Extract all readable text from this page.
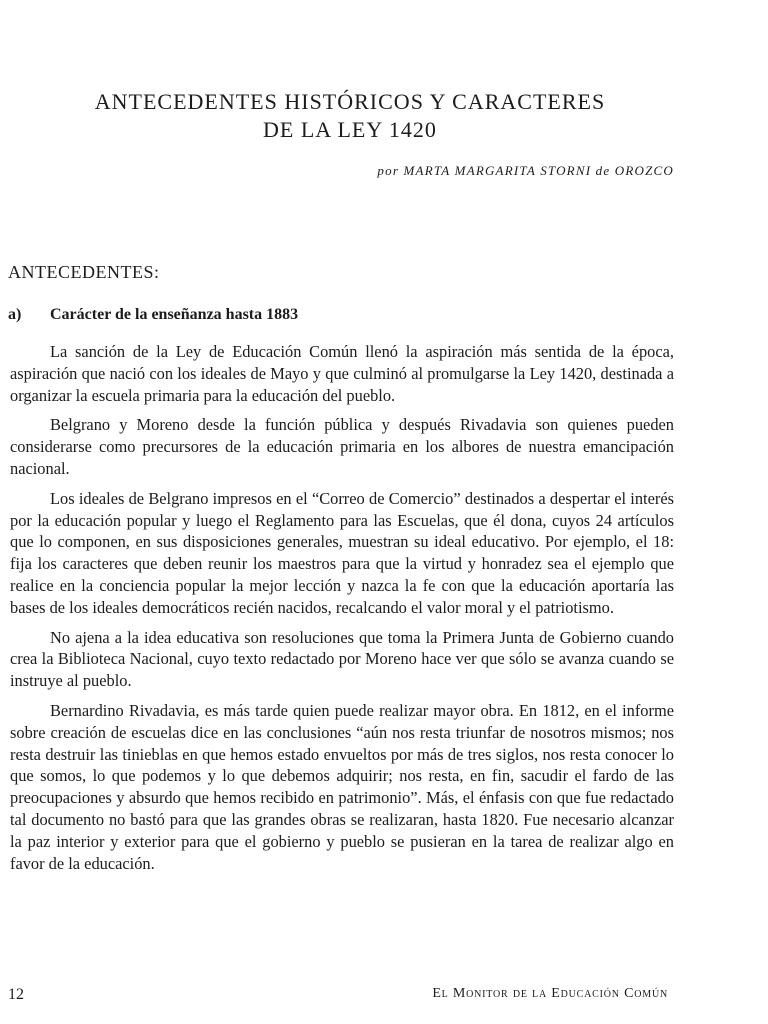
ANTECEDENTES HISTÓRICOS Y CARACTERES
DE LA LEY 1420
por MARTA MARGARITA STORNI de OROZCO
ANTECEDENTES:
a) Carácter de la enseñanza hasta 1883

La sanción de la Ley de Educación Común llenó la aspiración más sentida de la época, aspiración que nació con los ideales de Mayo y que culminó al promulgarse la Ley 1420, destinada a organizar la escuela primaria para la educación del pueblo.

Belgrano y Moreno desde la función pública y después Rivadavia son quienes pueden considerarse como precursores de la educación primaria en los albores de nuestra emancipación nacional.

Los ideales de Belgrano impresos en el “Correo de Comercio” destinados a despertar el interés por la educación popular y luego el Reglamento para las Escuelas, que él dona, cuyos 24 artículos que lo componen, en sus disposiciones generales, muestran su ideal educativo. Por ejemplo, el 18: fija los caracteres que deben reunir los maestros para que la virtud y honradez sea el ejemplo que realice en la conciencia popular la mejor lección y nazca la fe con que la educación aportaría las bases de los ideales democráticos recién nacidos, recalcando el valor moral y el patriotismo.

No ajena a la idea educativa son resoluciones que toma la Primera Junta de Gobierno cuando crea la Biblioteca Nacional, cuyo texto redactado por Moreno hace ver que sólo se avanza cuando se instruye al pueblo.

Bernardino Rivadavia, es más tarde quien puede realizar mayor obra. En 1812, en el informe sobre creación de escuelas dice en las conclusiones “aún nos resta triunfar de nosotros mismos; nos resta destruir las tinieblas en que hemos estado envueltos por más de tres siglos, nos resta conocer lo que somos, lo que podemos y lo que debemos adquirir; nos resta, en fin, sacudir el fardo de las preocupaciones y absurdo que hemos recibido en patrimonio”. Más, el énfasis con que fue redactado tal documento no bastó para que las grandes obras se realizaran, hasta 1820. Fue necesario alcanzar la paz interior y exterior para que el gobierno y pueblo se pusieran en la tarea de realizar algo en favor de la educación.

12	El Monitor de la Educación Común
